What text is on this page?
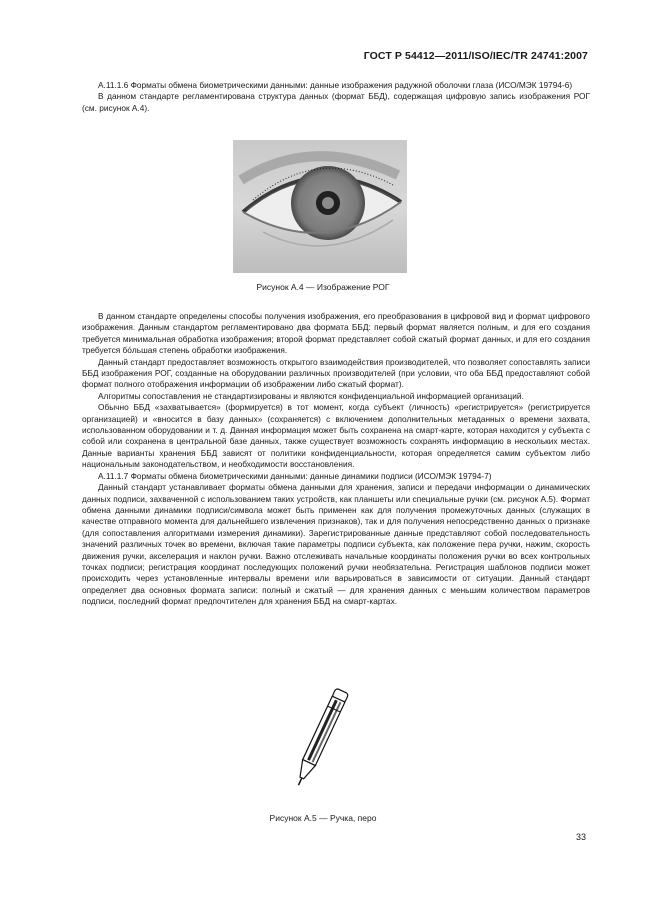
ГОСТ Р 54412—2011/ISO/IEC/TR 24741:2007

А.11.1.6 Форматы обмена биометрическими данными: данные изображения радужной оболочки глаза (ИСО/МЭК 19794-6)

В данном стандарте регламентирована структура данных (формат ББД), содержащая цифровую запись изображения РОГ (см. рисунок А.4).

Рисунок А.4 — Изображение РОГ

В данном стандарте определены способы получения изображения, его преобразования в цифровой вид и формат цифрового изображения. Данным стандартом регламентировано два формата ББД: первый формат является полным, и для его создания требуется минимальная обработка изображения; второй формат представляет собой сжатый формат данных, и для его создания требуется бо́льшая степень обработки изображения.

Данный стандарт предоставляет возможность открытого взаимодействия производителей, что позволяет сопоставлять записи ББД изображения РОГ, созданные на оборудовании различных производителей (при условии, что оба ББД предоставляют собой формат полного отображения информации об изображении либо сжатый формат).

Алгоритмы сопоставления не стандартизированы и являются конфиденциальной информацией организаций.

Обычно ББД «захватывается» (формируется) в тот момент, когда субъект (личность) «регистрируется» (регистрируется организацией) и «вносится в базу данных» (сохраняется) с включением дополнительных метаданных о времени захвата, использованном оборудовании и т. д. Данная информация может быть сохранена на смарт-карте, которая находится у субъекта с собой или сохранена в центральной базе данных, также существует возможность сохранять информацию в нескольких местах. Данные варианты хранения ББД зависят от политики конфиденциальности, которая определяется самим субъектом либо национальным законодательством, и необходимости восстановления.

А.11.1.7 Форматы обмена биометрическими данными: данные динамики подписи (ИСО/МЭК 19794-7)

Данный стандарт устанавливает форматы обмена данными для хранения, записи и передачи информации о динамических данных подписи, захваченной с использованием таких устройств, как планшеты или специальные ручки (см. рисунок А.5). Формат обмена данными динамики подписи/символа может быть применен как для получения промежуточных данных (служащих в качестве отправного момента для дальнейшего извлечения признаков), так и для получения непосредственно данных о признаке (для сопоставления алгоритмами измерения динамики). Зарегистрированные данные представляют собой последовательность значений различных точек во времени, включая такие параметры подписи субъекта, как положение пера ручки, нажим, скорость движения ручки, акселерация и наклон ручки. Важно отслеживать начальные координаты положения ручки во всех контрольных точках подписи; регистрация координат последующих положений ручки необязательна. Регистрация шаблонов подписи может происходить через установленные интервалы времени или варьироваться в зависимости от ситуации. Данный стандарт определяет два основных формата записи: полный и сжатый — для хранения данных с меньшим количеством параметров подписи, последний формат предпочтителен для хранения ББД на смарт-картах.

Рисунок А.5 — Ручка, перо
33
